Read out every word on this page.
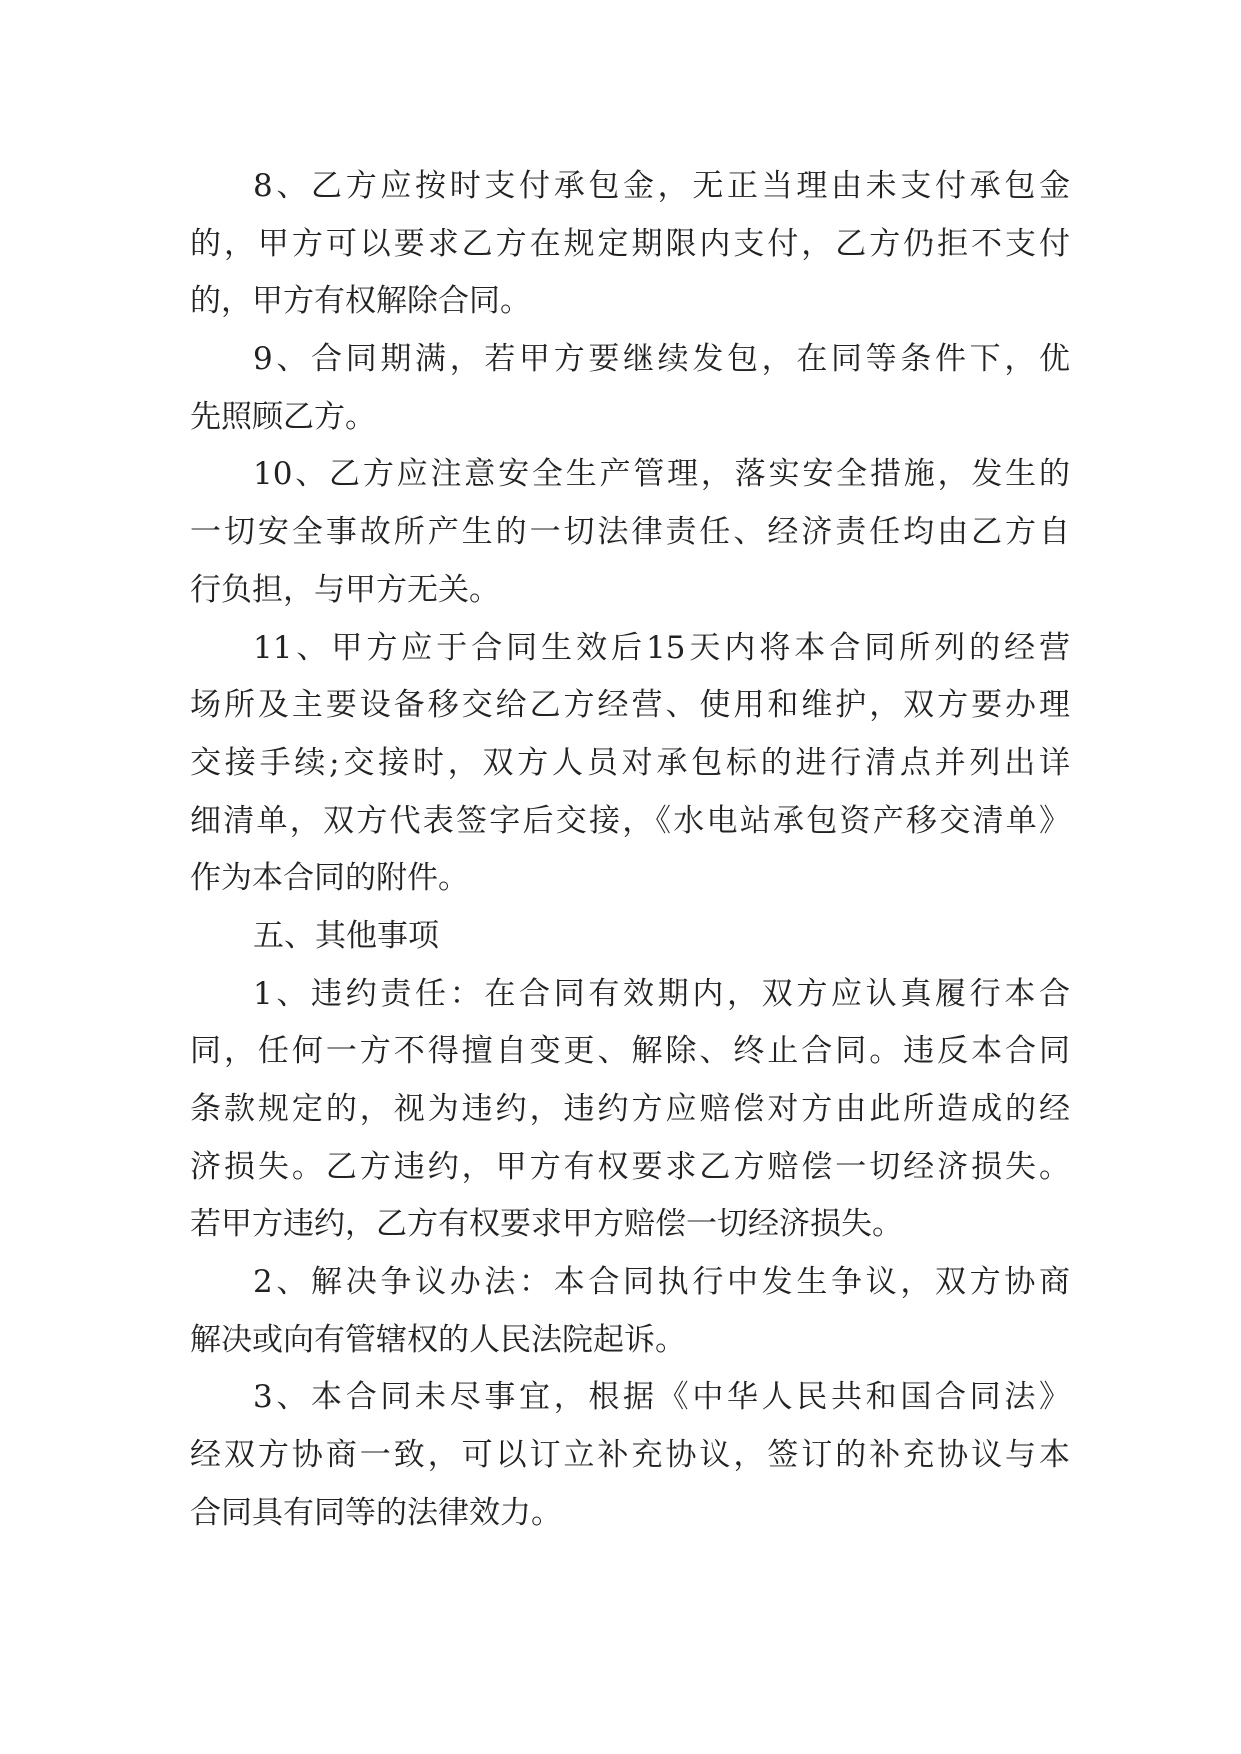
8、乙方应按时支付承包金，无正当理由未支付承包金
的，甲方可以要求乙方在规定期限内支付，乙方仍拒不支付
的，甲方有权解除合同。
9、合同期满，若甲方要继续发包，在同等条件下，优
先照顾乙方。
10、乙方应注意安全生产管理，落实安全措施，发生的
一切安全事故所产生的一切法律责任、经济责任均由乙方自
行负担，与甲方无关。
11、甲方应于合同生效后15天内将本合同所列的经营
场所及主要设备移交给乙方经营、使用和维护，双方要办理
交接手续;交接时，双方人员对承包标的进行清点并列出详
细清单，双方代表签字后交接，《水电站承包资产移交清单》
作为本合同的附件。
五、其他事项
1、违约责任：在合同有效期内，双方应认真履行本合
同，任何一方不得擅自变更、解除、终止合同。违反本合同
条款规定的，视为违约，违约方应赔偿对方由此所造成的经
济损失。乙方违约，甲方有权要求乙方赔偿一切经济损失。
若甲方违约，乙方有权要求甲方赔偿一切经济损失。
2、解决争议办法：本合同执行中发生争议，双方协商
解决或向有管辖权的人民法院起诉。
3、本合同未尽事宜，根据《中华人民共和国合同法》
经双方协商一致，可以订立补充协议，签订的补充协议与本
合同具有同等的法律效力。
